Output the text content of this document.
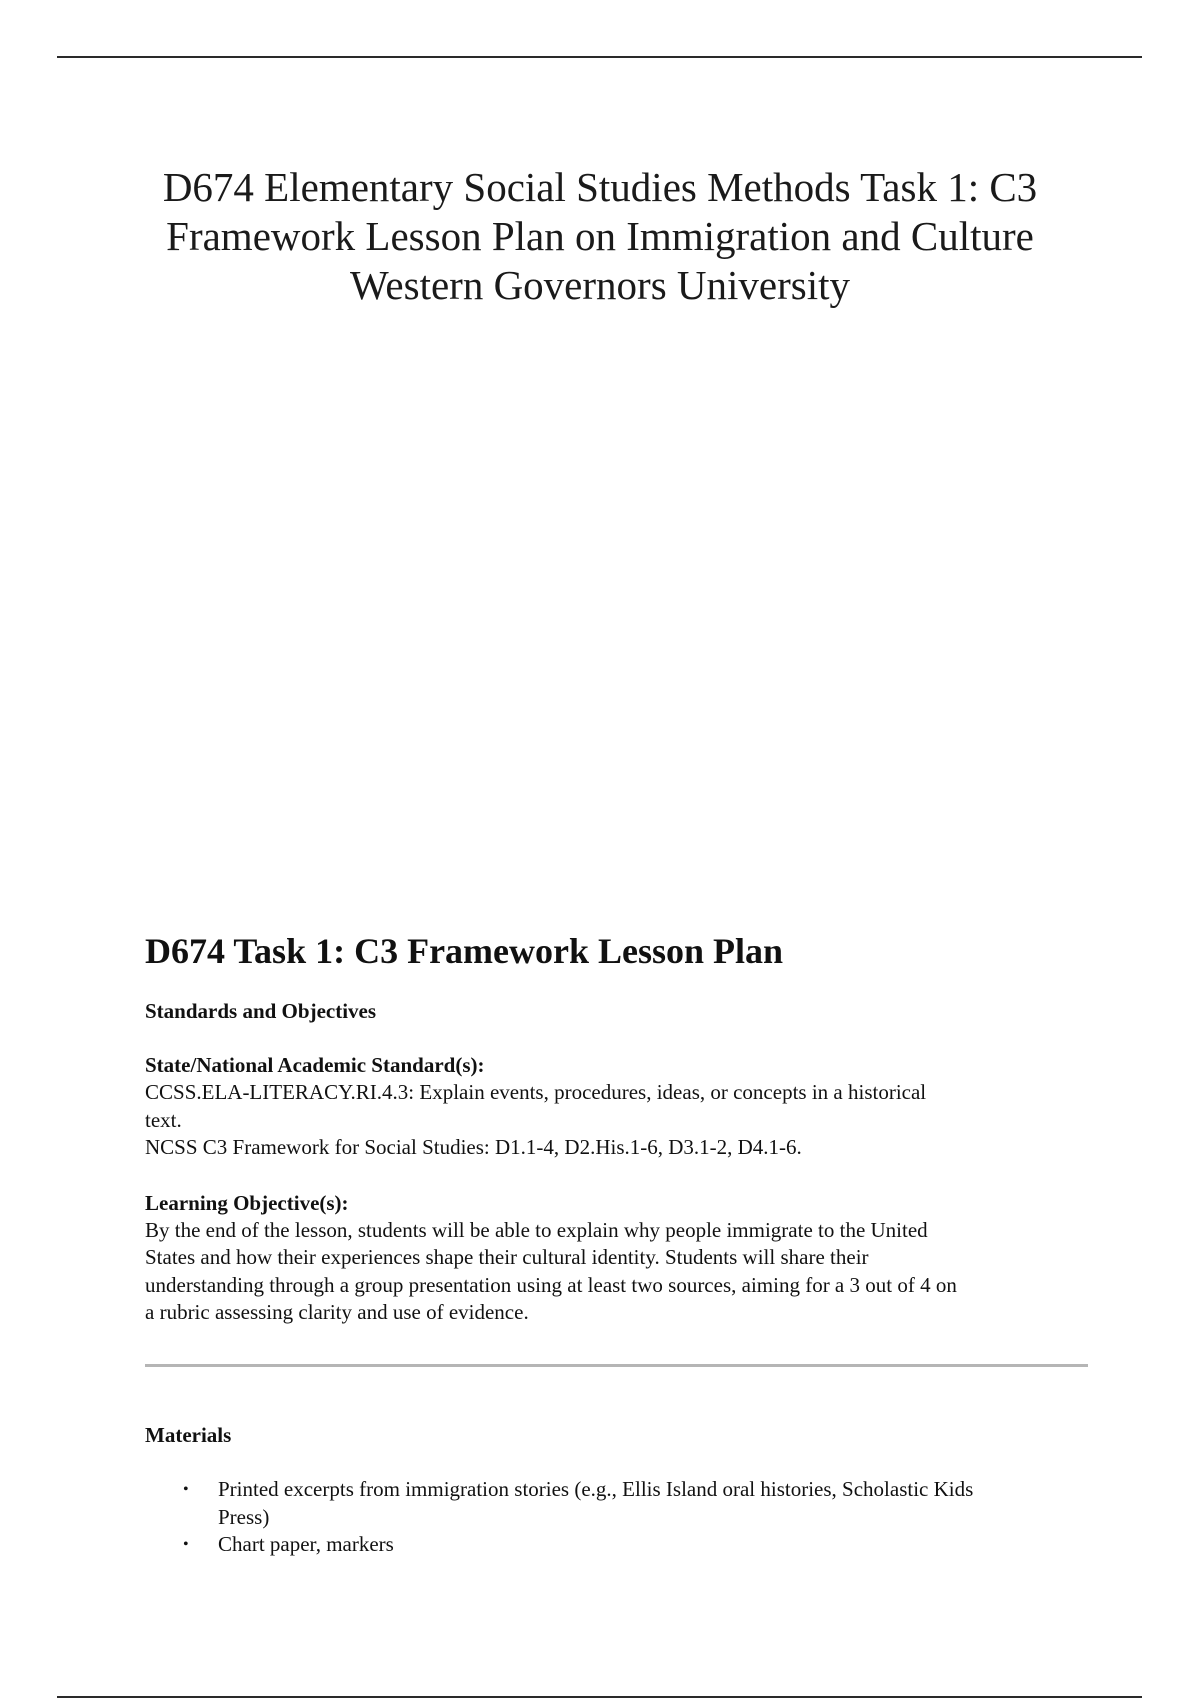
D674 Elementary Social Studies Methods Task 1: C3
Framework Lesson Plan on Immigration and Culture
Western Governors University
D674 Task 1: C3 Framework Lesson Plan
Standards and Objectives
State/National Academic Standard(s):

CCSS.ELA-LITERACY.RI.4.3: Explain events, procedures, ideas, or concepts in a historical

text.

NCSS C3 Framework for Social Studies: D1.1-4, D2.His.1-6, D3.1-2, D4.1-6.

Learning Objective(s):

By the end of the lesson, students will be able to explain why people immigrate to the United

States and how their experiences shape their cultural identity. Students will share their

understanding through a group presentation using at least two sources, aiming for a 3 out of 4 on

a rubric assessing clarity and use of evidence.

Materials
• Printed excerpts from immigration stories (e.g., Ellis Island oral histories, Scholastic Kids
Press)
• Chart paper, markers
